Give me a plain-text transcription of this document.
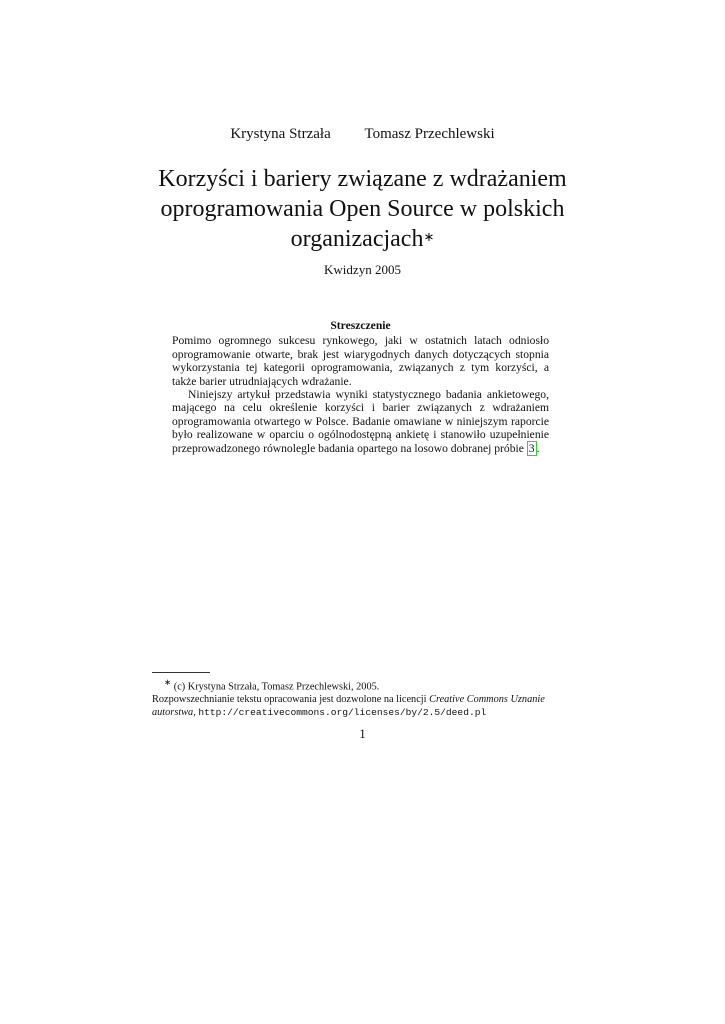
Krystyna Strzała Tomasz Przechlewski
Korzyści i bariery związane z wdrażaniem
oprogramowania Open Source w polskich
organizacjach∗
Kwidzyn 2005
Streszczenie

Pomimo ogromnego sukcesu rynkowego, jaki w ostatnich latach odniosło oprogramowanie otwarte, brak jest wiarygodnych danych dotyczących stopnia wykorzystania tej kategorii oprogramowania, związanych z tym korzyści, a także barier utrudniających wdrażanie.

Niniejszy artykuł przedstawia wyniki statystycznego badania ankietowego, mającego na celu określenie korzyści i barier związanych z wdrażaniem oprogramowania otwartego w Polsce. Badanie omawiane w niniejszym raporcie było realizowane w oparciu o ogólnodostępną ankietę i stanowiło uzupełnienie przeprowadzonego równolegle badania opartego na losowo dobranej próbie 3 .

∗ (c) Krystyna Strzała, Tomasz Przechlewski, 2005.
Rozpowszechnianie tekstu opracowania jest dozwolone na licencji Creative Commons Uznanie
autorstwa, http://creativecommons.org/licenses/by/2.5/deed.pl
1
